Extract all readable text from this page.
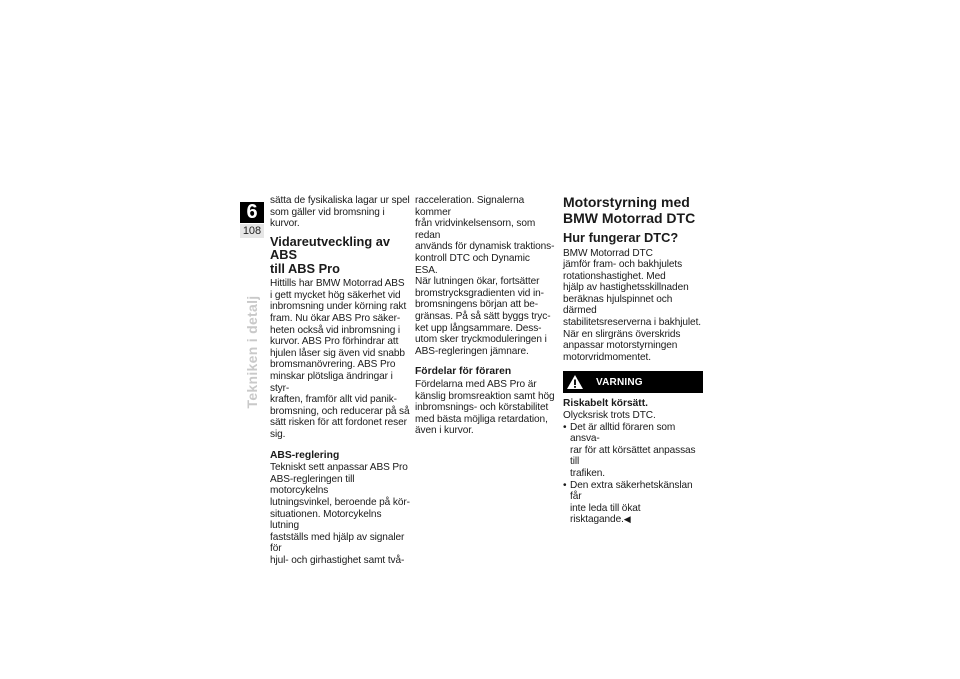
6
108
Tekniken i detalj

sätta de fysikaliska lagar ur spel
som gäller vid bromsning i kurvor.

Vidareutveckling av ABS
till ABS Pro

Hittills har BMW Motorrad ABS
i gett mycket hög säkerhet vid
inbromsning under körning rakt
fram. Nu ökar ABS Pro säker-
heten också vid inbromsning i
kurvor. ABS Pro förhindrar att
hjulen låser sig även vid snabb
bromsmanövrering. ABS Pro
minskar plötsliga ändringar i styr-
kraften, framför allt vid panik-
bromsning, och reducerar på så
sätt risken för att fordonet reser
sig.

ABS-reglering

Tekniskt sett anpassar ABS Pro
ABS-regleringen till motorcykelns
lutningsvinkel, beroende på kör-
situationen. Motorcykelns lutning
fastställs med hjälp av signaler för
hjul- och girhastighet samt två-

racceleration. Signalerna kommer
från vridvinkelsensorn, som redan
används för dynamisk traktions-
kontroll DTC och Dynamic ESA.
När lutningen ökar, fortsätter
bromstrycksgradienten vid in-
bromsningens början att be-
gränsas. På så sätt byggs tryc-
ket upp långsammare. Dess-
utom sker tryckmoduleringen i
ABS-regleringen jämnare.

Fördelar för föraren

Fördelarna med ABS Pro är
känslig bromsreaktion samt hög
inbromsnings- och körstabilitet
med bästa möjliga retardation,
även i kurvor.

Motorstyrning med
BMW Motorrad DTC
Hur fungerar DTC?

BMW Motorrad DTC
jämför fram- och bakhjulets
rotationshastighet. Med
hjälp av hastighetsskillnaden
beräknas hjulspinnet och därmed
stabilitetsreserverna i bakhjulet.
När en slirgräns överskrids
anpassar motorstyrningen
motorvridmomentet.

VARNING
Riskabelt körsätt.

Olycksrisk trots DTC.

• Det är alltid föraren som ansva-
rar för att körsättet anpassas till
trafiken.
• Den extra säkerhetskänslan får
inte leda till ökat risktagande.◀
